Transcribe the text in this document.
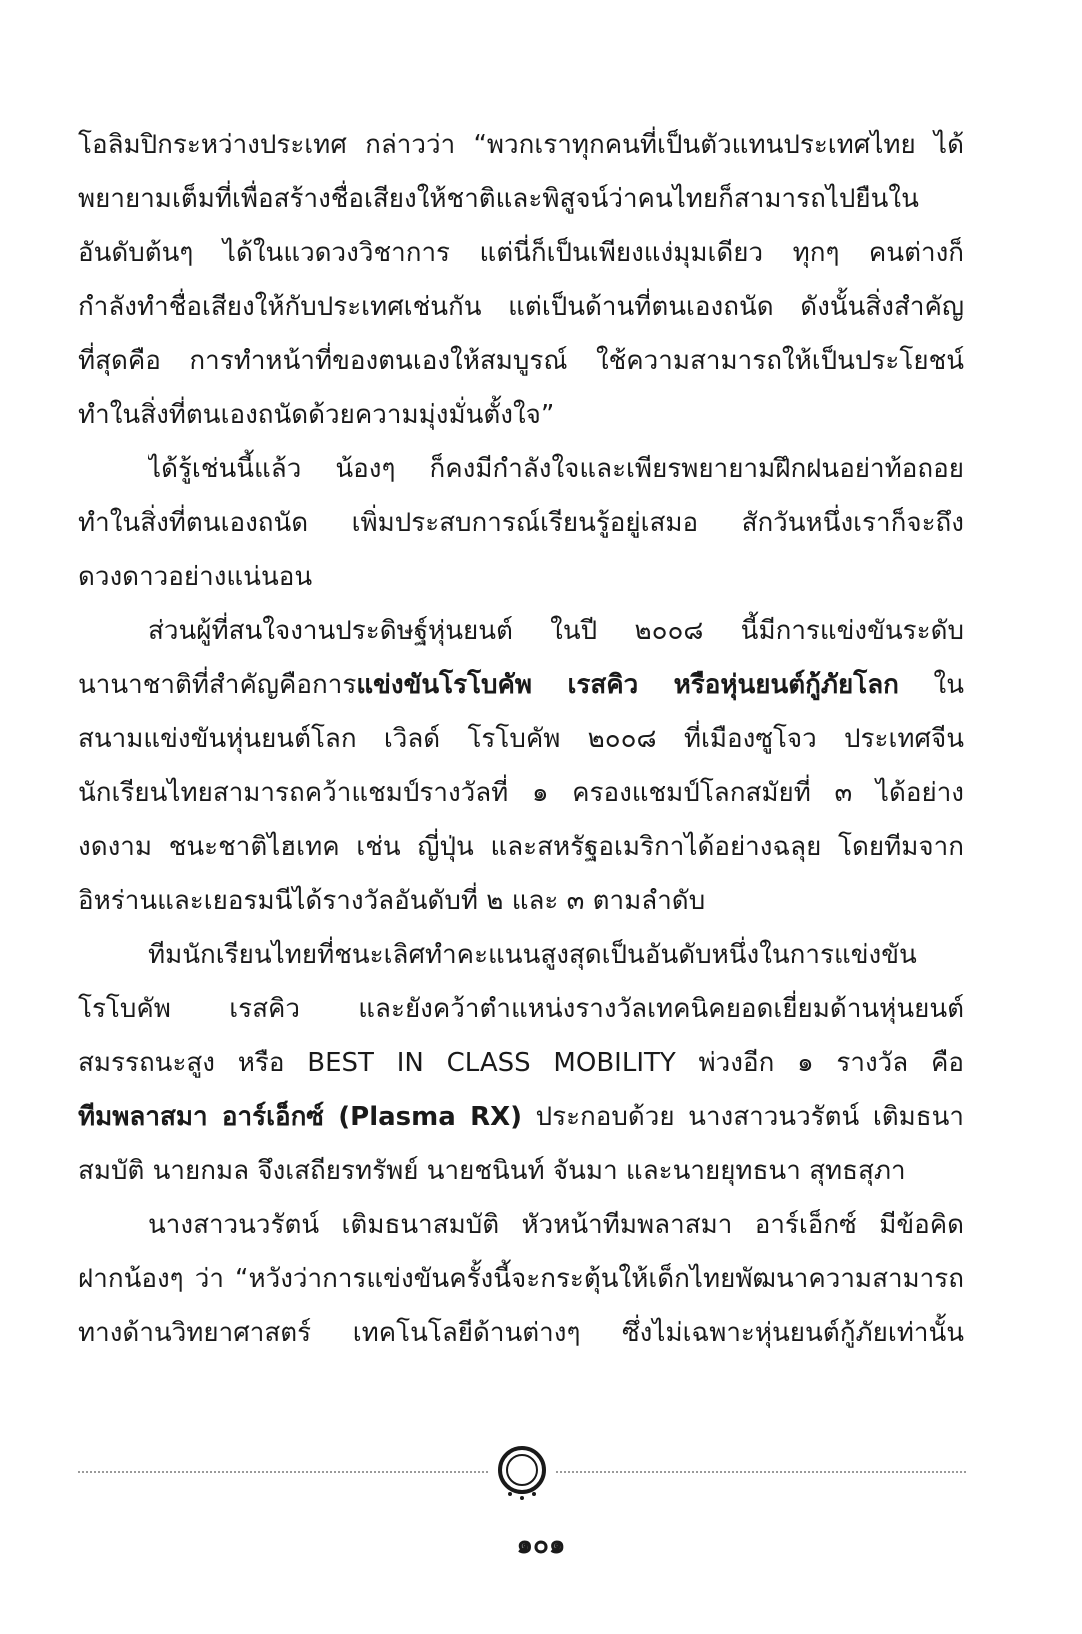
โอลิมปิกระหว่างประเทศ กล่าวว่า “พวกเราทุกคนที่เป็นตัวแทนประเทศไทย ได้
พยายามเต็มที่เพื่อสร้างชื่อเสียงให้ชาติและพิสูจน์ว่าคนไทยก็สามารถไปยืนใน
อันดับต้นๆ ได้ในแวดวงวิชาการ แต่นี่ก็เป็นเพียงแง่มุมเดียว ทุกๆ คนต่างก็
กำลังทำชื่อเสียงให้กับประเทศเช่นกัน แต่เป็นด้านที่ตนเองถนัด ดังนั้นสิ่งสำคัญ
ที่สุดคือ การทำหน้าที่ของตนเองให้สมบูรณ์ ใช้ความสามารถให้เป็นประโยชน์
ทำในสิ่งที่ตนเองถนัดด้วยความมุ่งมั่นตั้งใจ”
ได้รู้เช่นนี้แล้ว น้องๆ ก็คงมีกำลังใจและเพียรพยายามฝึกฝนอย่าท้อถอย
ทำในสิ่งที่ตนเองถนัด เพิ่มประสบการณ์เรียนรู้อยู่เสมอ สักวันหนึ่งเราก็จะถึง
ดวงดาวอย่างแน่นอน
ส่วนผู้ที่สนใจงานประดิษฐ์หุ่นยนต์ ในปี ๒๐๐๘ นี้มีการแข่งขันระดับ
นานาชาติที่สำคัญคือการแข่งขันโรโบคัพ เรสคิว หรือหุ่นยนต์กู้ภัยโลก ใน
สนามแข่งขันหุ่นยนต์โลก เวิลด์ โรโบคัพ ๒๐๐๘ ที่เมืองซูโจว ประเทศจีน
นักเรียนไทยสามารถคว้าแชมป์รางวัลที่ ๑ ครองแชมป์โลกสมัยที่ ๓ ได้อย่าง
งดงาม ชนะชาติไฮเทค เช่น ญี่ปุ่น และสหรัฐอเมริกาได้อย่างฉลุย โดยทีมจาก
อิหร่านและเยอรมนีได้รางวัลอันดับที่ ๒ และ ๓ ตามลำดับ
ทีมนักเรียนไทยที่ชนะเลิศทำคะแนนสูงสุดเป็นอันดับหนึ่งในการแข่งขัน
โรโบคัพ เรสคิว และยังคว้าตำแหน่งรางวัลเทคนิคยอดเยี่ยมด้านหุ่นยนต์
สมรรถนะสูง หรือ BEST IN CLASS MOBILITY พ่วงอีก ๑ รางวัล คือ
ทีมพลาสมา อาร์เอ็กซ์ (Plasma RX) ประกอบด้วย นางสาวนวรัตน์ เติมธนา
สมบัติ นายกมล จึงเสถียรทรัพย์ นายชนินท์ จันมา และนายยุทธนา สุทธสุภา
นางสาวนวรัตน์ เติมธนาสมบัติ หัวหน้าทีมพลาสมา อาร์เอ็กซ์ มีข้อคิด
ฝากน้องๆ ว่า “หวังว่าการแข่งขันครั้งนี้จะกระตุ้นให้เด็กไทยพัฒนาความสามารถ
ทางด้านวิทยาศาสตร์ เทคโนโลยีด้านต่างๆ ซึ่งไม่เฉพาะหุ่นยนต์กู้ภัยเท่านั้น
๑๐๑
